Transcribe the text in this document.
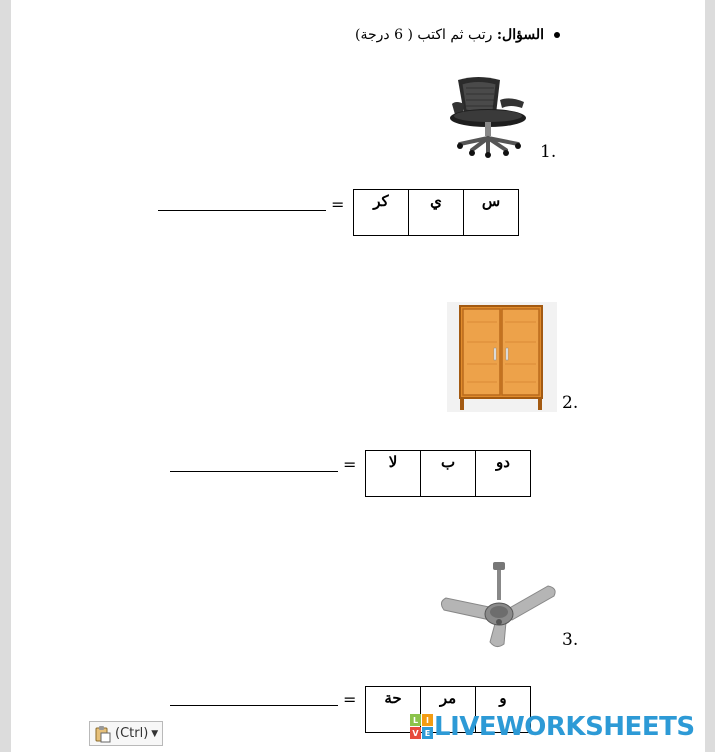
السؤال: رتب ثم اكتب ( 6 درجة)
1.
س	ي	كر
=
2.
دو	ب	لا
=
3.
و	مر	حة
=
(Ctrl) ▼
L I
V E LIVEWORKSHEETS
